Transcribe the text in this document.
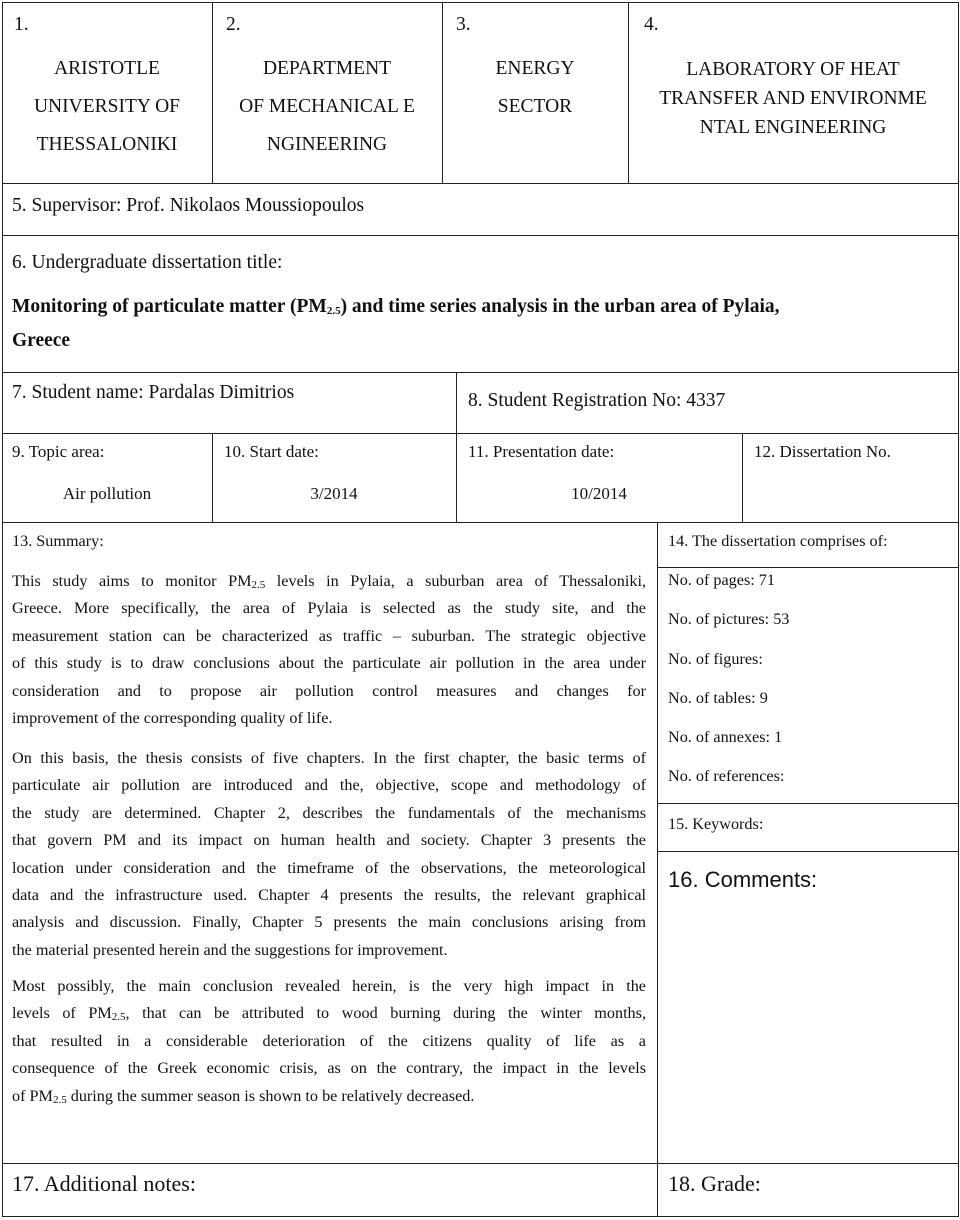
1.
ARISTOTLE
UNIVERSITY OF
THESSALONIKI
2.
DEPARTMENT
OF MECHANICAL E
NGINEERING
3.
ENERGY
SECTOR
4.
LABORATORY OF HEAT
TRANSFER AND ENVIRONME
NTAL ENGINEERING
5. Supervisor: Prof. Nikolaos Moussiopoulos
6. Undergraduate dissertation title:
Monitoring of particulate matter $(PM_{2.5})$ and time series analysis in the urban area of Pylaia,
Greece
7. Student name: Pardalas Dimitrios	8. Student Registration No: 4337
9. Topic area:
Air pollution
10. Start date:
3/2014
11. Presentation date:
10/2014
12. Dissertation No.
13. Summary:
This study aims to monitor $PM_{2.5}$ levels in Pylaia, a suburban area of Thessaloniki,
Greece. More specifically, the area of Pylaia is selected as the study site, and the
measurement station can be characterized as traffic – suburban. The strategic objective
of this study is to draw conclusions about the particulate air pollution in the area under
consideration and to propose air pollution control measures and changes for
improvement of the corresponding quality of life.
On this basis, the thesis consists of five chapters. In the first chapter, the basic terms of
particulate air pollution are introduced and the, objective, scope and methodology of
the study are determined. Chapter 2, describes the fundamentals of the mechanisms
that govern PM and its impact on human health and society. Chapter 3 presents the
location under consideration and the timeframe of the observations, the meteorological
data and the infrastructure used. Chapter 4 presents the results, the relevant graphical
analysis and discussion. Finally, Chapter 5 presents the main conclusions arising from
the material presented herein and the suggestions for improvement.
Most possibly, the main conclusion revealed herein, is the very high impact in the
levels of $PM_{2.5}$, that can be attributed to wood burning during the winter months,
that resulted in a considerable deterioration of the citizens quality of life as a
consequence of the Greek economic crisis, as on the contrary, the impact in the levels
of $PM_{2.5}$ during the summer season is shown to be relatively decreased.
14. The dissertation comprises of:
No. of pages: 71
No. of pictures: 53
No. of figures:
No. of tables: 9
No. of annexes: 1
No. of references:
15. Keywords:
16. Comments:
17. Additional notes:	18. Grade:
